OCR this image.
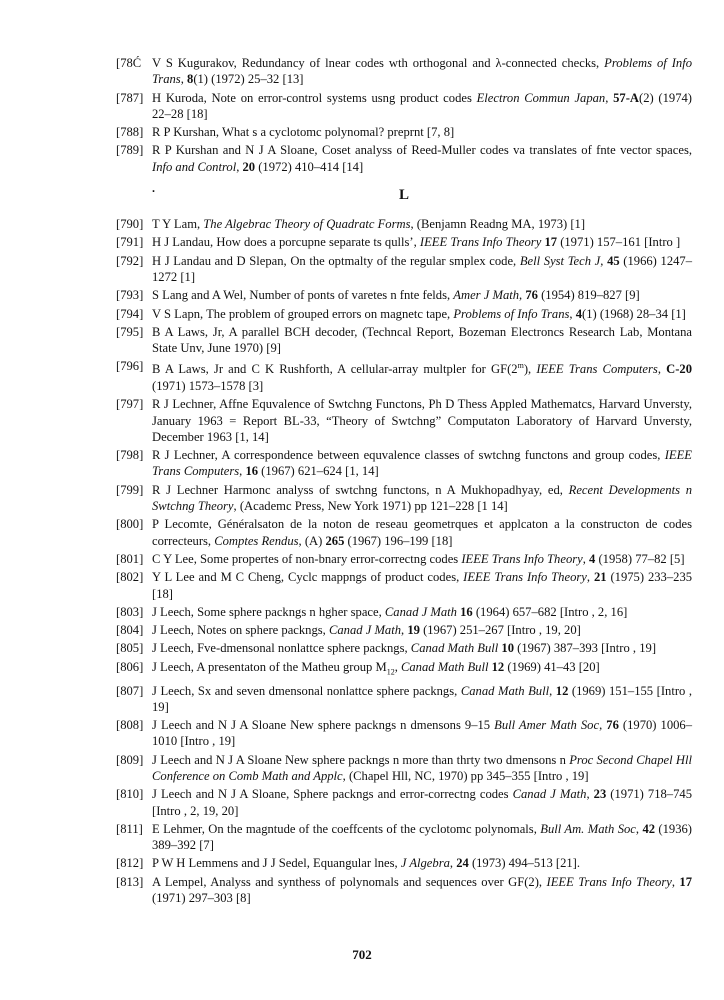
[78Ć V S Kugurakov, Redundancy of lnear codes wth orthogonal and λ-connected checks, Problems of Info Trans, 8(1) (1972) 25–32 [13]
[787] H Kuroda, Note on error-control systems usng product codes Electron Commun Japan, 57-A(2) (1974) 22–28 [18]
[788] R P Kurshan, What s a cyclotomc polynomal? preprnt [7, 8]
[789] R P Kurshan and N J A Sloane, Coset analyss of Reed-Muller codes va translates of fnte vector spaces, Info and Control, 20 (1972) 410–414 [14]
.	L
[790] T Y Lam, The Algebrac Theory of Quadratc Forms, (Benjamn Readng MA, 1973) [1]
[791] H J Landau, How does a porcupne separate ts qulls’, IEEE Trans Info Theory 17 (1971) 157–161 [Intro ]
[792] H J Landau and D Slepan, On the optmalty of the regular smplex code, Bell Syst Tech J, 45 (1966) 1247–1272 [1]
[793] S Lang and A Wel, Number of ponts of varetes n fnte felds, Amer J Math, 76 (1954) 819–827 [9]
[794] V S Lapn, The problem of grouped errors on magnetc tape, Problems of Info Trans, 4(1) (1968) 28–34 [1]
[795] B A Laws, Jr, A parallel BCH decoder, (Techncal Report, Bozeman Electroncs Research Lab, Montana State Unv, June 1970) [9]
[796] B A Laws, Jr and C K Rushforth, A cellular-array multpler for GF(2$^m$), IEEE Trans Computers, C-20 (1971) 1573–1578 [3]
[797] R J Lechner, Affne Equvalence of Swtchng Functons, Ph D Thess Appled Mathematcs, Harvard Unversty, January 1963 = Report BL-33, “Theory of Swtchng” Computaton Laboratory of Harvard Unversty, December 1963 [1, 14]
[798] R J Lechner, A correspondence between equvalence classes of swtchng functons and group codes, IEEE Trans Computers, 16 (1967) 621–624 [1, 14]
[799] R J Lechner Harmonc analyss of swtchng functons, n A Mukhopadhyay, ed, Recent Developments n Swtchng Theory, (Academc Press, New York 1971) pp 121–228 [1 14]
[800] P Lecomte, Généralsaton de la noton de reseau geometrques et applcaton a la constructon de codes correcteurs, Comptes Rendus, (A) 265 (1967) 196–199 [18]
[801] C Y Lee, Some propertes of non-bnary error-correctng codes IEEE Trans Info Theory, 4 (1958) 77–82 [5]
[802] Y L Lee and M C Cheng, Cyclc mappngs of product codes, IEEE Trans Info Theory, 21 (1975) 233–235 [18]
[803] J Leech, Some sphere packngs n hgher space, Canad J Math 16 (1964) 657–682 [Intro , 2, 16]
[804] J Leech, Notes on sphere packngs, Canad J Math, 19 (1967) 251–267 [Intro , 19, 20]
[805] J Leech, Fve-dmensonal nonlattce sphere packngs, Canad Math Bull 10 (1967) 387–393 [Intro , 19]
[806] J Leech, A presentaton of the Matheu group $M_{12}$, Canad Math Bull 12 (1969) 41–43 [20]
[807] J Leech, Sx and seven dmensonal nonlattce sphere packngs, Canad Math Bull, 12 (1969) 151–155 [Intro , 19]
[808] J Leech and N J A Sloane New sphere packngs n dmensons 9–15 Bull Amer Math Soc, 76 (1970) 1006–1010 [Intro , 19]
[809] J Leech and N J A Sloane New sphere packngs n more than thrty two dmensons n Proc Second Chapel Hll Conference on Comb Math and Applc, (Chapel Hll, NC, 1970) pp 345–355 [Intro , 19]
[810] J Leech and N J A Sloane, Sphere packngs and error-correctng codes Canad J Math, 23 (1971) 718–745 [Intro , 2, 19, 20]
[811] E Lehmer, On the magntude of the coeffcents of the cyclotomc polynomals, Bull Am. Math Soc, 42 (1936) 389–392 [7]
[812] P W H Lemmens and J J Sedel, Equangular lnes, J Algebra, 24 (1973) 494–513 [21].
[813] A Lempel, Analyss and synthess of polynomals and sequences over GF(2), IEEE Trans Info Theory, 17 (1971) 297–303 [8]
702
